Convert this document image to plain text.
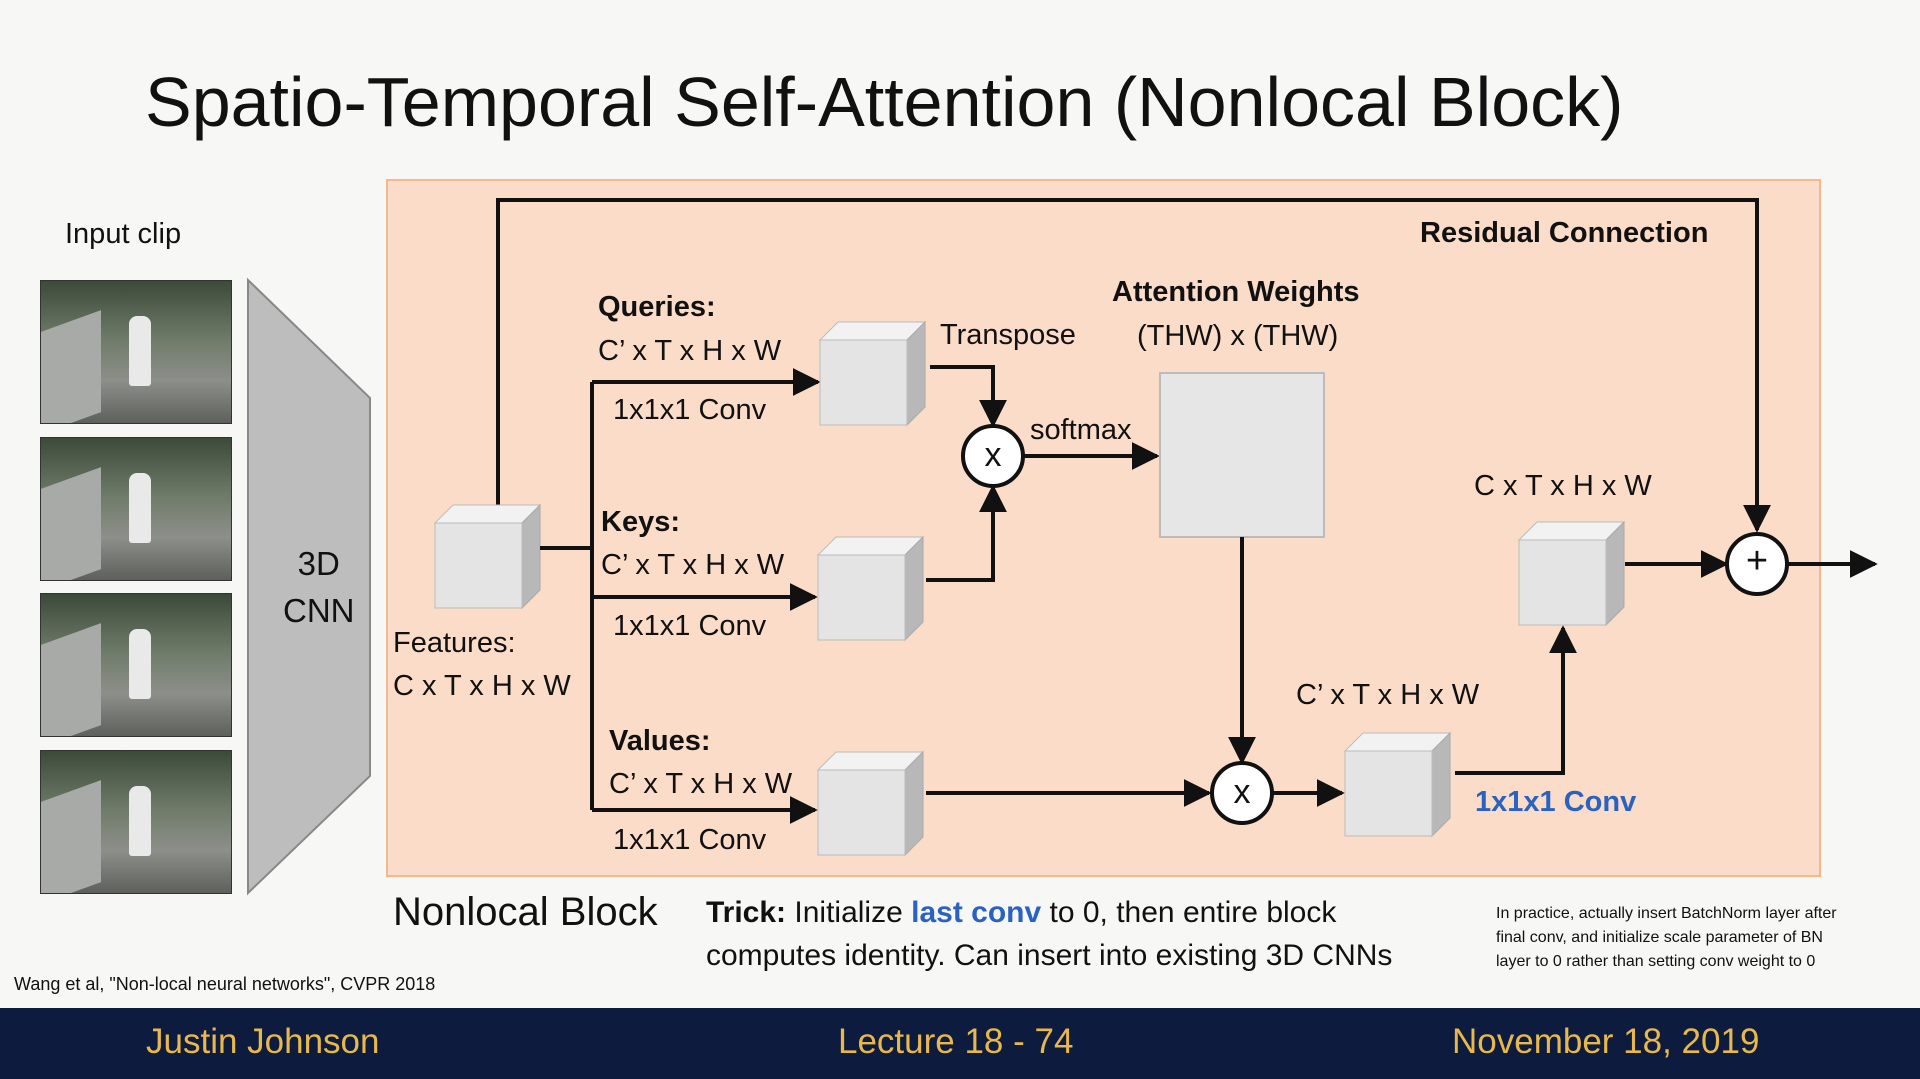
Spatio-Temporal Self-Attention (Nonlocal Block)
Input clip
3D
CNN
Residual Connection
Features:
C x T x H x W
Queries:
C’ x T x H x W
1x1x1 Conv
Keys:
C’ x T x H x W
1x1x1 Conv
Values:
C’ x T x H x W
1x1x1 Conv
Transpose
softmax
Attention Weights
(THW) x (THW)
x
x
+
C’ x T x H x W
C x T x H x W
1x1x1 Conv
Nonlocal Block Trick: Initialize last conv to 0, then entire block
computes identity. Can insert into existing 3D CNNs
In practice, actually insert BatchNorm layer after
final conv, and initialize scale parameter of BN
layer to 0 rather than setting conv weight to 0
Wang et al, "Non-local neural networks", CVPR 2018
Justin Johnson	Lecture 18 - 74	November 18, 2019
